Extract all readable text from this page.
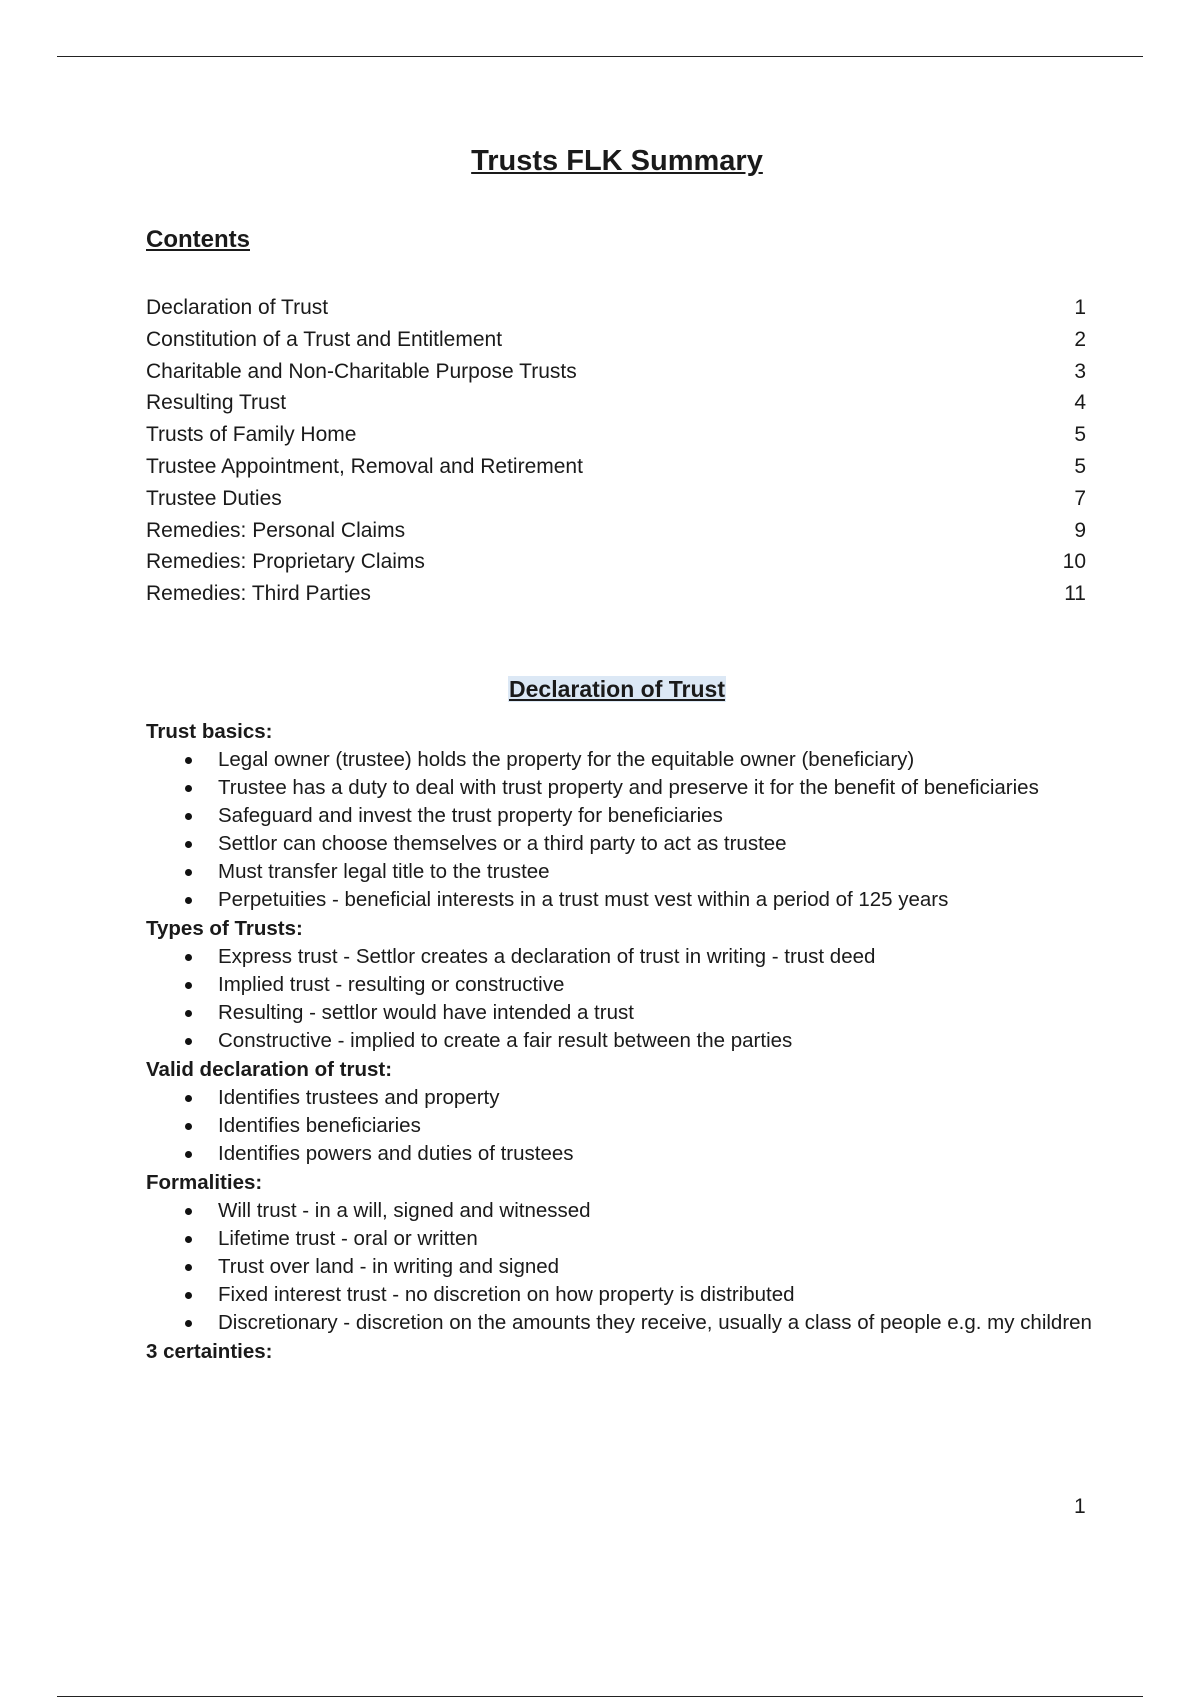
Trusts FLK Summary
Contents
Declaration of Trust	1
Constitution of a Trust and Entitlement	2
Charitable and Non-Charitable Purpose Trusts	3
Resulting Trust	4
Trusts of Family Home	5
Trustee Appointment, Removal and Retirement	5
Trustee Duties	7
Remedies: Personal Claims	9
Remedies: Proprietary Claims	10
Remedies: Third Parties	11
Declaration of Trust
Trust basics:
Legal owner (trustee) holds the property for the equitable owner (beneficiary)
Trustee has a duty to deal with trust property and preserve it for the benefit of beneficiaries
Safeguard and invest the trust property for beneficiaries
Settlor can choose themselves or a third party to act as trustee
Must transfer legal title to the trustee
Perpetuities - beneficial interests in a trust must vest within a period of 125 years
Types of Trusts:
Express trust - Settlor creates a declaration of trust in writing - trust deed
Implied trust - resulting or constructive
Resulting - settlor would have intended a trust
Constructive - implied to create a fair result between the parties
Valid declaration of trust:
Identifies trustees and property
Identifies beneficiaries
Identifies powers and duties of trustees
Formalities:
Will trust - in a will, signed and witnessed
Lifetime trust - oral or written
Trust over land - in writing and signed
Fixed interest trust - no discretion on how property is distributed
Discretionary - discretion on the amounts they receive, usually a class of people e.g. my children
3 certainties:
1
